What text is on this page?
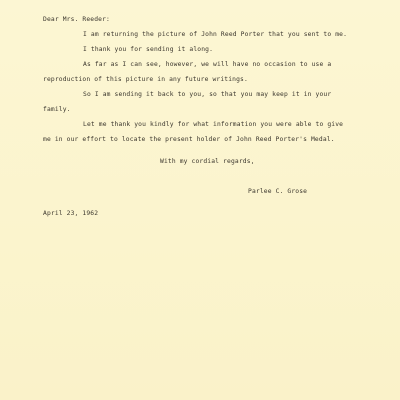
Dear Mrs. Reeder:
I am returning the picture of John Reed Porter that you sent to me.
I thank you for sending it along.
As far as I can see, however, we will have no occasion to use a
reproduction of this picture in any future writings.
So I am sending it back to you, so that you may keep it in your
family.
Let me thank you kindly for what information you were able to give
me in our effort to locate the present holder of John Reed Porter's Medal.
With my cordial regards,
Parlee C. Grose
April 23, 1962
